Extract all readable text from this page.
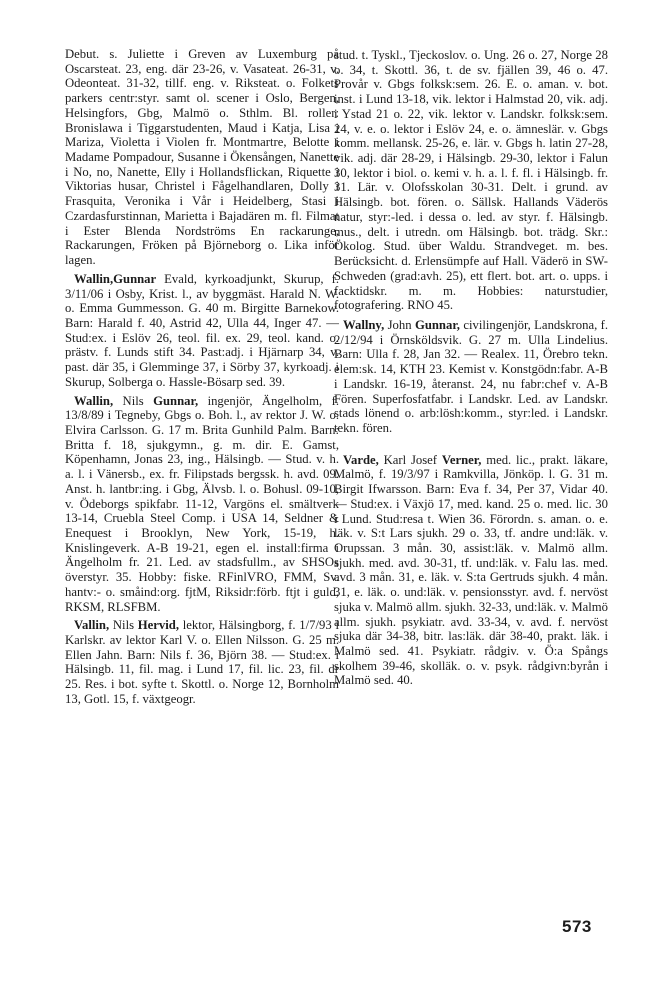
Debut. s. Juliette i Greven av Luxemburg på Oscarsteat. 23, eng. där 23-26, v. Vasateat. 26-31, v. Odeonteat. 31-32, tillf. eng. v. Riksteat. o. Folkets parkers centr:styr. samt ol. scener i Oslo, Bergen, Helsingfors, Gbg, Malmö o. Sthlm. Bl. roller: Bronislawa i Tiggarstudenten, Maud i Katja, Lisa i Mariza, Violetta i Violen fr. Montmartre, Belotte i Madame Pompadour, Susanne i Ökensången, Nanette i No, no, Nanette, Elly i Hollandsflickan, Riquette i Viktorias husar, Christel i Fågelhandlaren, Dolly i Frasquita, Veronika i Vår i Heidelberg, Stasi i Czardasfurstinnan, Marietta i Bajadären m. fl. Filmat i Ester Blenda Nordströms En rackarunge, Rackarungen, Fröken på Björneborg o. Lika inför lagen.

Wallin,Gunnar Evald, kyrkoadjunkt, Skurup, f. 3/11/06 i Osby, Krist. l., av byggmäst. Harald N. W. o. Emma Gummesson. G. 40 m. Birgitte Barnekow. Barn: Harald f. 40, Astrid 42, Ulla 44, Inger 47. — Stud:ex. i Eslöv 26, teol. fil. ex. 29, teol. kand. o. prästv. f. Lunds stift 34. Past:adj. i Hjärnarp 34, v. past. där 35, i Glemminge 37, i Sörby 37, kyrkoadj. i Skurup, Solberga o. Hassle-Bösarp sed. 39.

Wallin, Nils Gunnar, ingenjör, Ängelholm, f. 13/8/89 i Tegneby, Gbgs o. Boh. l., av rektor J. W. o. Elvira Carlsson. G. 17 m. Brita Gunhild Palm. Barn: Britta f. 18, sjukgymn., g. m. dir. E. Gamst, Köpenhamn, Jonas 23, ing., Hälsingb. — Stud. v. h. a. l. i Vänersb., ex. fr. Filipstads bergssk. h. avd. 09. Anst. h. lantbr:ing. i Gbg, Älvsb. l. o. Bohusl. 09-10, v. Ödeborgs spikfabr. 11-12, Vargöns el. smältverk 13-14, Cruebla Steel Comp. i USA 14, Seldner & Enequest i Brooklyn, New York, 15-19, h. Knislingeverk. A-B 19-21, egen el. install:firma i Ängelholm fr. 21. Led. av stadsfullm., av SHSOs överstyr. 35. Hobby: fiske. RFinlVRO, FMM, Sv. hantv:- o. småind:org. fjtM, Riksidr:förb. ftjt i guld, RKSM, RLSFBM.

Vallin, Nils Hervid, lektor, Hälsingborg, f. 1/7/93 i Karlskr. av lektor Karl V. o. Ellen Nilsson. G. 25 m. Ellen Jahn. Barn: Nils f. 36, Björn 38. — Stud:ex. i Hälsingb. 11, fil. mag. i Lund 17, fil. lic. 23, fil. dr 25. Res. i bot. syfte t. Skottl. o. Norge 12, Bornholm 13, Gotl. 15, f. växtgeogr.

stud. t. Tyskl., Tjeckoslov. o. Ung. 26 o. 27, Norge 28 o. 34, t. Skottl. 36, t. de sv. fjällen 39, 46 o. 47. Provår v. Gbgs folksk:sem. 26. E. o. aman. v. bot. inst. i Lund 13-18, vik. lektor i Halmstad 20, vik. adj. i Ystad 21 o. 22, vik. lektor v. Landskr. folksk:sem. 24, v. e. o. lektor i Eslöv 24, e. o. ämneslär. v. Gbgs komm. mellansk. 25-26, e. lär. v. Gbgs h. latin 27-28, vik. adj. där 28-29, i Hälsingb. 29-30, lektor i Falun 30, lektor i biol. o. kemi v. h. a. l. f. fl. i Hälsingb. fr. 31. Lär. v. Olofsskolan 30-31. Delt. i grund. av Hälsingb. bot. fören. o. Sällsk. Hallands Väderös natur, styr:-led. i dessa o. led. av styr. f. Hälsingb. mus., delt. i utredn. om Hälsingb. bot. trädg. Skr.: Ökolog. Stud. über Waldu. Strandveget. m. bes. Berücksicht. d. Erlensümpfe auf Hall. Väderö in SW-Schweden (grad:avh. 25), ett flert. bot. art. o. upps. i facktidskr. m. m. Hobbies: naturstudier, fotografering. RNO 45.

Wallny, John Gunnar, civilingenjör, Landskrona, f. 2/12/94 i Örnsköldsvik. G. 27 m. Ulla Lindelius. Barn: Ulla f. 28, Jan 32. — Realex. 11, Örebro tekn. elem:sk. 14, KTH 23. Kemist v. Konstgödn:fabr. A-B i Landskr. 16-19, återanst. 24, nu fabr:chef v. A-B Fören. Superfosfatfabr. i Landskr. Led. av Landskr. stads lönend o. arb:lösh:komm., styr:led. i Landskr. tekn. fören.

Varde, Karl Josef Verner, med. lic., prakt. läkare, Malmö, f. 19/3/97 i Ramkvilla, Jönköp. l. G. 31 m. Birgit Ifwarsson. Barn: Eva f. 34, Per 37, Vidar 40. — Stud:ex. i Växjö 17, med. kand. 25 o. med. lic. 30 i Lund. Stud:resa t. Wien 36. Förordn. s. aman. o. e. läk. v. S:t Lars sjukh. 29 o. 33, tf. andre und:läk. v. Orupssan. 3 mån. 30, assist:läk. v. Malmö allm. sjukh. med. avd. 30-31, tf. und:läk. v. Falu las. med. avd. 3 mån. 31, e. läk. v. S:ta Gertruds sjukh. 4 mån. 31, e. läk. o. und:läk. v. pensionsstyr. avd. f. nervöst sjuka v. Malmö allm. sjukh. 32-33, und:läk. v. Malmö allm. sjukh. psykiatr. avd. 33-34, v. avd. f. nervöst sjuka där 34-38, bitr. las:läk. där 38-40, prakt. läk. i Malmö sed. 41. Psykiatr. rådgiv. v. Ö:a Spångs skolhem 39-46, skolläk. o. v. psyk. rådgivn:byrån i Malmö sed. 40.

573
